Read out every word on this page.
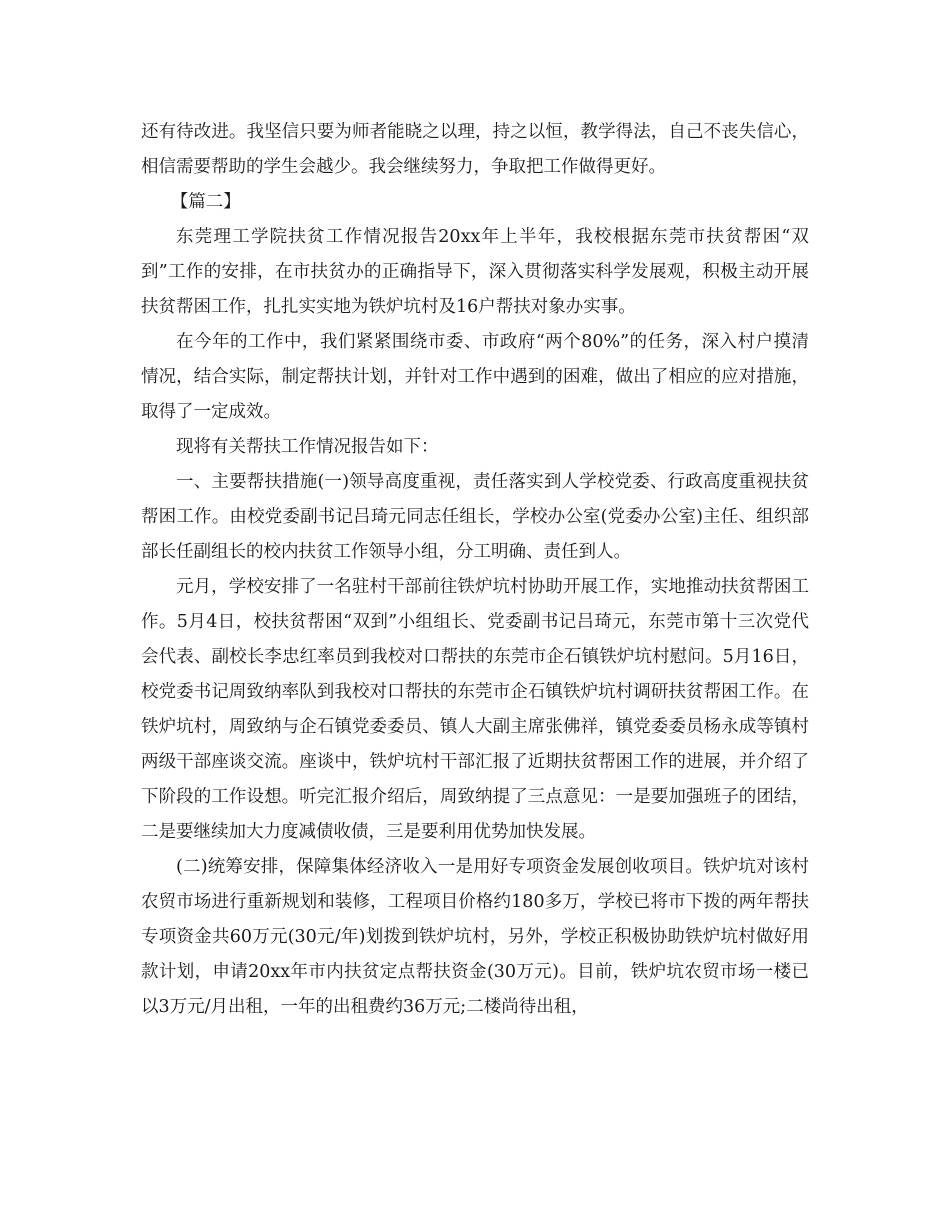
还有待改进。我坚信只要为师者能晓之以理，持之以恒，教学得法，自己不丧失信心，相信需要帮助的学生会越少。我会继续努力，争取把工作做得更好。

【篇二】

东莞理工学院扶贫工作情况报告20xx年上半年，我校根据东莞市扶贫帮困“双到”工作的安排，在市扶贫办的正确指导下，深入贯彻落实科学发展观，积极主动开展扶贫帮困工作，扎扎实实地为铁炉坑村及16户帮扶对象办实事。

在今年的工作中，我们紧紧围绕市委、市政府“两个80%”的任务，深入村户摸清情况，结合实际，制定帮扶计划，并针对工作中遇到的困难，做出了相应的应对措施，取得了一定成效。

现将有关帮扶工作情况报告如下：

一、主要帮扶措施(一)领导高度重视，责任落实到人学校党委、行政高度重视扶贫帮困工作。由校党委副书记吕琦元同志任组长，学校办公室(党委办公室)主任、组织部部长任副组长的校内扶贫工作领导小组，分工明确、责任到人。

元月，学校安排了一名驻村干部前往铁炉坑村协助开展工作，实地推动扶贫帮困工作。5月4日，校扶贫帮困“双到”小组组长、党委副书记吕琦元，东莞市第十三次党代会代表、副校长李忠红率员到我校对口帮扶的东莞市企石镇铁炉坑村慰问。5月16日，校党委书记周致纳率队到我校对口帮扶的东莞市企石镇铁炉坑村调研扶贫帮困工作。在铁炉坑村，周致纳与企石镇党委委员、镇人大副主席张佛祥，镇党委委员杨永成等镇村两级干部座谈交流。座谈中，铁炉坑村干部汇报了近期扶贫帮困工作的进展，并介绍了下阶段的工作设想。听完汇报介绍后，周致纳提了三点意见：一是要加强班子的团结，二是要继续加大力度减债收债，三是要利用优势加快发展。

(二)统筹安排，保障集体经济收入一是用好专项资金发展创收项目。铁炉坑对该村农贸市场进行重新规划和装修，工程项目价格约180多万，学校已将市下拨的两年帮扶专项资金共60万元(30元/年)划拨到铁炉坑村，另外，学校正积极协助铁炉坑村做好用款计划，申请20xx年市内扶贫定点帮扶资金(30万元)。目前，铁炉坑农贸市场一楼已以3万元/月出租，一年的出租费约36万元;二楼尚待出租，
